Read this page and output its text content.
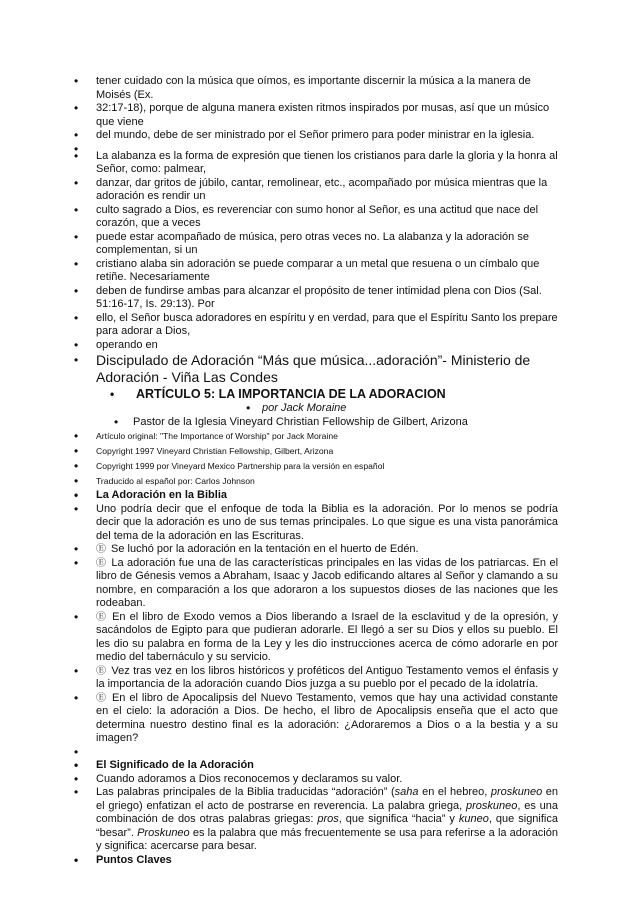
• tener cuidado con la música que oímos, es importante discernir la música a la manera de Moisés (Ex.
• 32:17-18), porque de alguna manera existen ritmos inspirados por musas, así que un músico que viene
• del mundo, debe de ser ministrado por el Señor primero para poder ministrar en la iglesia.
•
• La alabanza es la forma de expresión que tienen los cristianos para darle la gloria y la honra al Señor, como: palmear,
• danzar, dar gritos de júbilo, cantar, remolinear, etc., acompañado por música mientras que la adoración es rendir un
• culto sagrado a Dios, es reverenciar con sumo honor al Señor, es una actitud que nace del corazón, que a veces
• puede estar acompañado de música, pero otras veces no. La alabanza y la adoración se complementan, si un
• cristiano alaba sin adoración se puede comparar a un metal que resuena o un címbalo que retiñe. Necesariamente
• deben de fundirse ambas para alcanzar el propósito de tener intimidad plena con Dios (Sal. 51:16-17, Is. 29:13). Por
• ello, el Señor busca adoradores en espíritu y en verdad, para que el Espíritu Santo los prepare para adorar a Dios,
• operando en
• Discipulado de Adoración “Más que música...adoración”- Ministerio de Adoración - Viña Las Condes
• ARTÍCULO 5: LA IMPORTANCIA DE LA ADORACION
• por Jack Moraine
• Pastor de la Iglesia Vineyard Christian Fellowship de Gilbert, Arizona
• Artículo original: "The Importance of Worship" por Jack Moraine
• Copyright 1997 Vineyard Christian Fellowship, Gilbert, Arizona
• Copyright 1999 por Vineyard Mexico Partnership para la versión en español
• Traducido al español por: Carlos Johnson
• La Adoración en la Biblia
• Uno podría decir que el enfoque de toda la Biblia es la adoración. Por lo menos se podría decir que la adoración es uno de sus temas principales. Lo que sigue es una vista panorámica del tema de la adoración en las Escrituras.
• Ⓔ Se luchó por la adoración en la tentación en el huerto de Edén.
• Ⓔ La adoración fue una de las características principales en las vidas de los patriarcas. En el libro de Génesis vemos a Abraham, Isaac y Jacob edificando altares al Señor y clamando a su nombre, en comparación a los que adoraron a los supuestos dioses de las naciones que les rodeaban.
• Ⓔ En el libro de Exodo vemos a Dios liberando a Israel de la esclavitud y de la opresión, y sacándolos de Egipto para que pudieran adorarle. El llegó a ser su Dios y ellos su pueblo. El les dio su palabra en forma de la Ley y les dio instrucciones acerca de cómo adorarle en por medio del tabernáculo y su servicio.
• Ⓔ Vez tras vez en los libros históricos y proféticos del Antiguo Testamento vemos el énfasis y la importancia de la adoración cuando Dios juzga a su pueblo por el pecado de la idolatría.
• Ⓔ En el libro de Apocalipsis del Nuevo Testamento, vemos que hay una actividad constante en el cielo: la adoración a Dios. De hecho, el libro de Apocalipsis enseña que el acto que determina nuestro destino final es la adoración: ¿Adoraremos a Dios o a la bestia y a su imagen?
•
• El Significado de la Adoración
• Cuando adoramos a Dios reconocemos y declaramos su valor.
• Las palabras principales de la Biblia traducidas “adoración” (saha en el hebreo, proskuneo en el griego) enfatizan el acto de postrarse en reverencia. La palabra griega, proskuneo, es una combinación de dos otras palabras griegas: pros, que significa “hacia” y kuneo, que significa “besar”. Proskuneo es la palabra que más frecuentemente se usa para referirse a la adoración y significa: acercarse para besar.
• Puntos Claves
